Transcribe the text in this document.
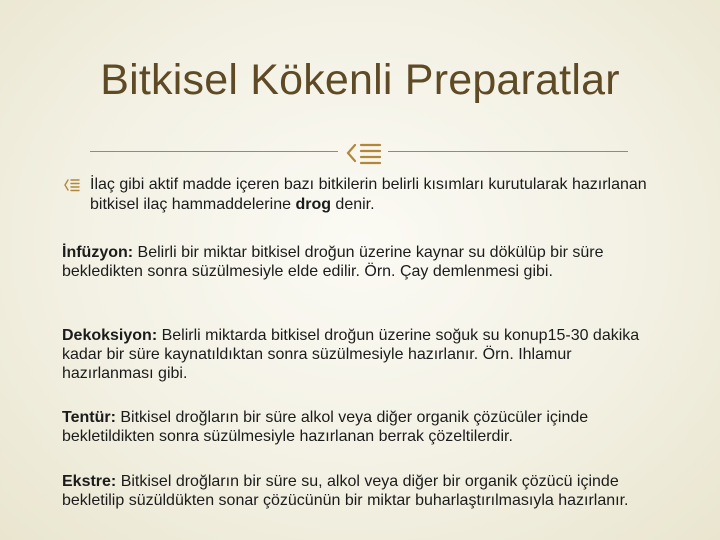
Bitkisel Kökenli Preparatlar
İlaç gibi aktif madde içeren bazı bitkilerin belirli kısımları kurutularak hazırlanan bitkisel ilaç hammaddelerine drog denir.
İnfüzyon: Belirli bir miktar bitkisel droğun üzerine kaynar su dökülüp bir süre bekledikten sonra süzülmesiyle elde edilir. Örn. Çay demlenmesi gibi.
Dekoksiyon: Belirli miktarda bitkisel droğun üzerine soğuk su konup15-30 dakika kadar bir süre kaynatıldıktan sonra süzülmesiyle hazırlanır. Örn. Ihlamur hazırlanması gibi.
Tentür: Bitkisel droğların bir süre alkol veya diğer organik çözücüler içinde bekletildikten sonra süzülmesiyle hazırlanan berrak çözeltilerdir.
Ekstre: Bitkisel droğların bir süre su, alkol veya diğer bir organik çözücü içinde bekletilip süzüldükten sonar çözücünün bir miktar buharlaştırılmasıyla hazırlanır.
